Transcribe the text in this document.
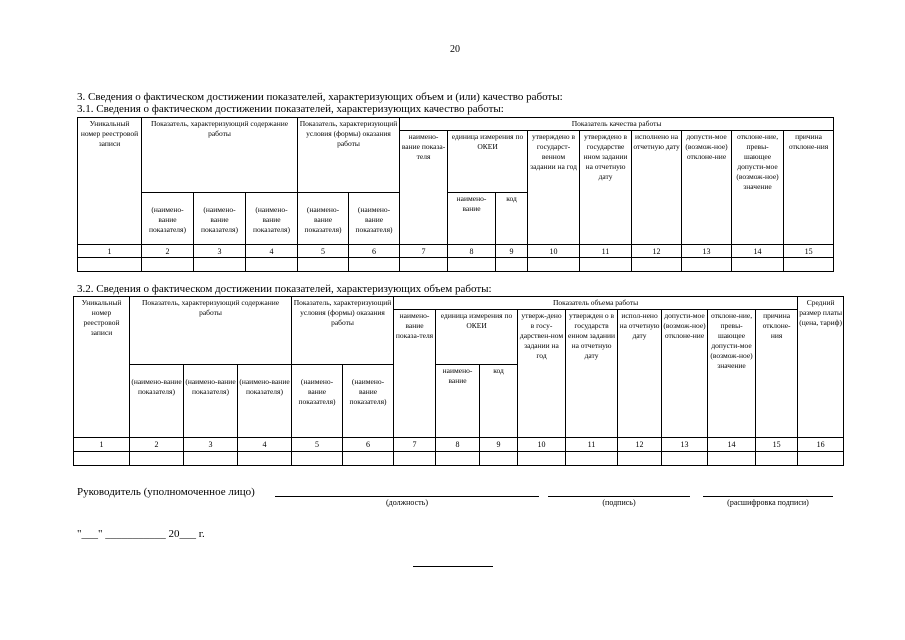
20
3. Сведения о фактическом достижении показателей, характеризующих объем и (или) качество работы:
3.1. Сведения о фактическом достижении показателей, характеризующих качество работы:
Уникальный номер реестровой записи	Показатель, характеризующий содержание работы			Показатель, характеризующий условия (формы) оказания работы		Показатель качества работы								
						наимено-вание показа-теля	единица измерения по ОКЕИ		утверждено в государст-венном задании на год	утверждено в государстве нном задании на отчетную дату	исполнено на отчетную дату	допусти-мое (возмож-ное) отклоне-ние	отклоне-ние, превы-шающее допусти-мое (возмож-ное) значение	причина отклоне-ния
	(наимено-вание показателя)	(наимено-вание показателя)	(наимено-вание показателя)	(наимено-вание показателя)	(наимено-вание показателя)		наимено-вание	код						
1	2	3	4	5	6	7	8	9	10	11	12	13	14	15

3.2. Сведения о фактическом достижении показателей, характеризующих объем работы:
Уникальный номер реестровой записи	Показатель, характеризующий содержание работы			Показатель, характеризующий условия (формы) оказания работы		Показатель объема работы									Средний размер платы (цена, тариф)
						наимено-вание показа-теля	единица измерения по ОКЕИ		утверж-дено в госу-дарствен-ном задании на год	утвержден о в государств енном задании на отчетную дату	испол-нено на отчетную дату	допусти-мое (возмож-ное) отклоне-ние	отклоне-ние, превы-шающее допусти-мое (возмож-ное) значение	причина отклоне-ния	
	(наимено-вание показателя)	(наимено-вание показателя)	(наимено-вание показателя)	(наимено-вание показателя)	(наимено-вание показателя)		наимено-вание	код							
1	2	3	4	5	6	7	8	9	10	11	12	13	14	15	16

Руководитель (уполномоченное лицо)
(должность)	(подпись)	(расшифровка подписи)
"___" ___________ 20___ г.
